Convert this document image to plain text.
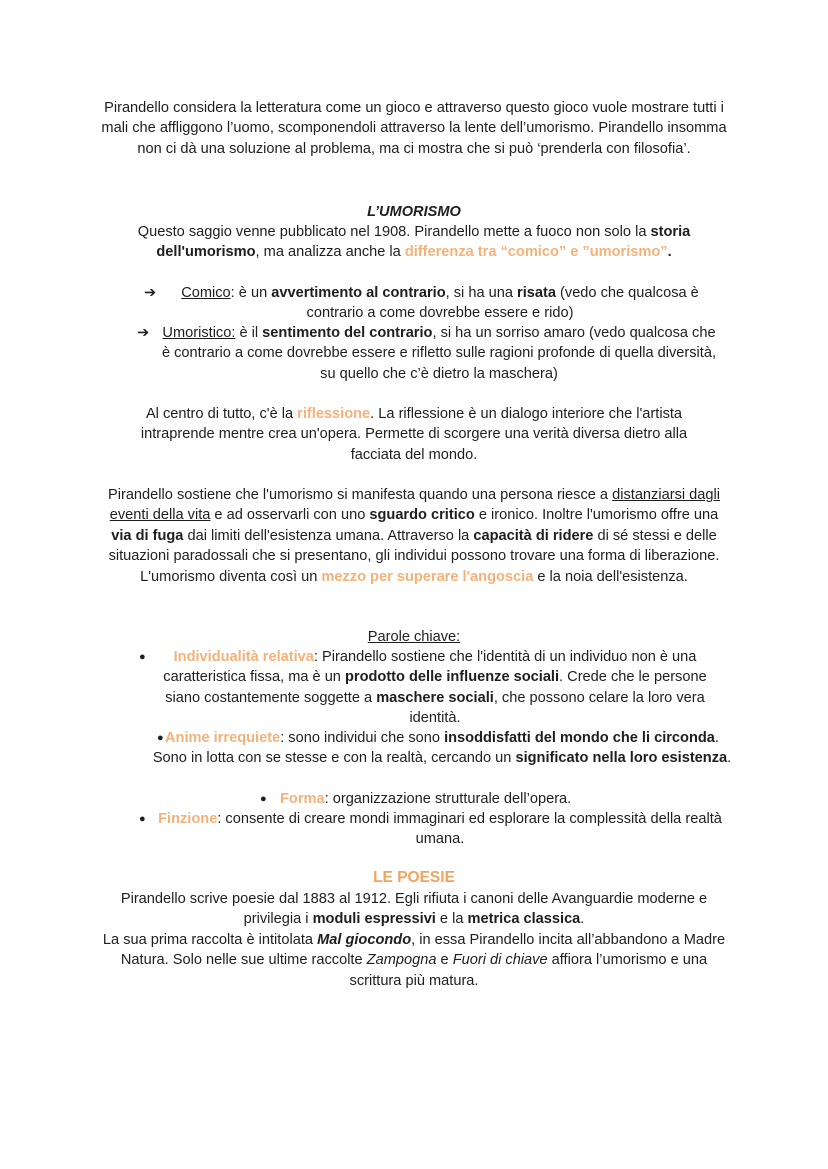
Pirandello considera la letteratura come un gioco e attraverso questo gioco vuole mostrare tutti i mali che affliggono l’uomo, scomponendoli attraverso la lente dell’umorismo. Pirandello insomma non ci dà una soluzione al problema, ma ci mostra che si può ‘prenderla con filosofia’.
L’UMORISMO
Questo saggio venne pubblicato nel 1908. Pirandello mette a fuoco non solo la storia dell'umorismo, ma analizza anche la differenza tra “comico” e ”umorismo”.
➔	Comico: è un avvertimento al contrario, si ha una risata (vedo che qualcosa è contrario a come dovrebbe essere e rido)
➔ Umoristico: è il sentimento del contrario, si ha un sorriso amaro (vedo qualcosa che è contrario a come dovrebbe essere e rifletto sulle ragioni profonde di quella diversità, su quello che c’è dietro la maschera)
Al centro di tutto, c'è la riflessione. La riflessione è un dialogo interiore che l'artista intraprende mentre crea un'opera. Permette di scorgere una verità diversa dietro alla facciata del mondo.
Pirandello sostiene che l'umorismo si manifesta quando una persona riesce a distanziarsi dagli eventi della vita e ad osservarli con uno sguardo critico e ironico. Inoltre l'umorismo offre una via di fuga dai limiti dell'esistenza umana. Attraverso la capacità di ridere di sé stessi e delle situazioni paradossali che si presentano, gli individui possono trovare una forma di liberazione. L'umorismo diventa così un mezzo per superare l'angoscia e la noia dell'esistenza.
Parole chiave:
●	Individualità relativa: Pirandello sostiene che l'identità di un individuo non è una caratteristica fissa, ma è un prodotto delle influenze sociali. Crede che le persone siano costantemente soggette a maschere sociali, che possono celare la loro vera identità.
● Anime irrequiete: sono individui che sono insoddisfatti del mondo che li circonda. Sono in lotta con se stesse e con la realtà, cercando un significato nella loro esistenza.
● Forma: organizzazione strutturale dell’opera.
● Finzione: consente di creare mondi immaginari ed esplorare la complessità della realtà umana.
LE POESIE
Pirandello scrive poesie dal 1883 al 1912. Egli rifiuta i canoni delle Avanguardie moderne e privilegia i moduli espressivi e la metrica classica.
La sua prima raccolta è intitolata Mal giocondo, in essa Pirandello incita all’abbandono a Madre Natura. Solo nelle sue ultime raccolte Zampogna e Fuori di chiave affiora l’umorismo e una scrittura più matura.
